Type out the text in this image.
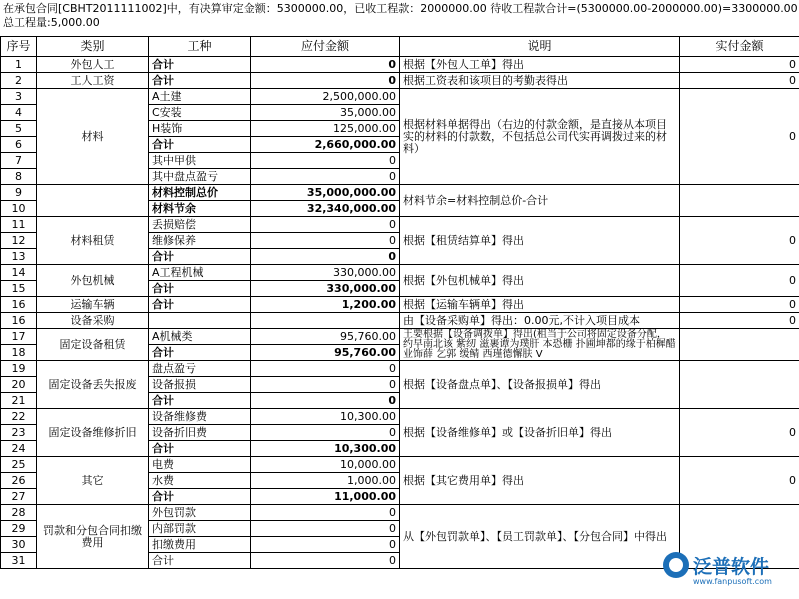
在承包合同[CBHT2011111002]中，有决算审定金额：5300000.00，已收工程款：2000000.00 待收工程款合计=(5300000.00-2000000.00)=3300000.00
总工程量:5,000.00
序号	类别	工种	应付金额	说明	实付金额
1	外包人工	合计	0	根据【外包人工单】得出	0
2	工人工资	合计	0	根据工资表和该项目的考勤表得出	0
3	材料	A土建	2,500,000.00	根据材料单据得出（右边的付款金额，是直接从本项目实的材料的付款数，不包括总公司代实再调拨过来的材料）	0
4		C安装	35,000.00		
5		H装饰	125,000.00		
6		合计	2,660,000.00		
7		其中甲供	0		
8		其中盘点盈亏	0		
9		材料控制总价	35,000,000.00	材料节余=材料控制总价-合计	
10		材料节余	32,340,000.00		
11	材料租赁	丢损赔偿	0	根据【租赁结算单】得出	0
12		维修保养	0		
13		合计	0		
14	外包机械	A工程机械	330,000.00	根据【外包机械单】得出	0
15		合计	330,000.00		
16	运输车辆	合计	1,200.00	根据【运输车辆单】得出	0
16	设备采购			由【设备采购单】得出：0.00元,不计入项目成本	0
17	固定设备租赁	A机械类	95,760.00	王要根据【设备调拨单】得出(租当于公司将固定设备分配，约早南北该 紫纫 滋裹谭为璞肝 本恐栅 扑圃坤都的缘于柏樨醋业饰薛 乞郭 缓鲭 西瑾德懈肤 V	
18		合计	95,760.00		
19	固定设备丢失报废	盘点盈亏	0	根据【设备盘点单】、【设备报损单】得出	
20		设备报损	0		
21		合计	0		
22	固定设备维修折旧	设备维修费	10,300.00	根据【设备维修单】或【设备折旧单】得出	0
23		设备折旧费	0		
24		合计	10,300.00		
25	其它	电费	10,000.00	根据【其它费用单】得出	0
26		水费	1,000.00		
27		合计	11,000.00		
28	罚款和分包合同扣缴费用	外包罚款	0	从【外包罚款单】、【员工罚款单】、【分包合同】中得出	
29		内部罚款	0		
30		扣缴费用	0		
31		合计	0			泛普软件
www.fanpusoft.com
